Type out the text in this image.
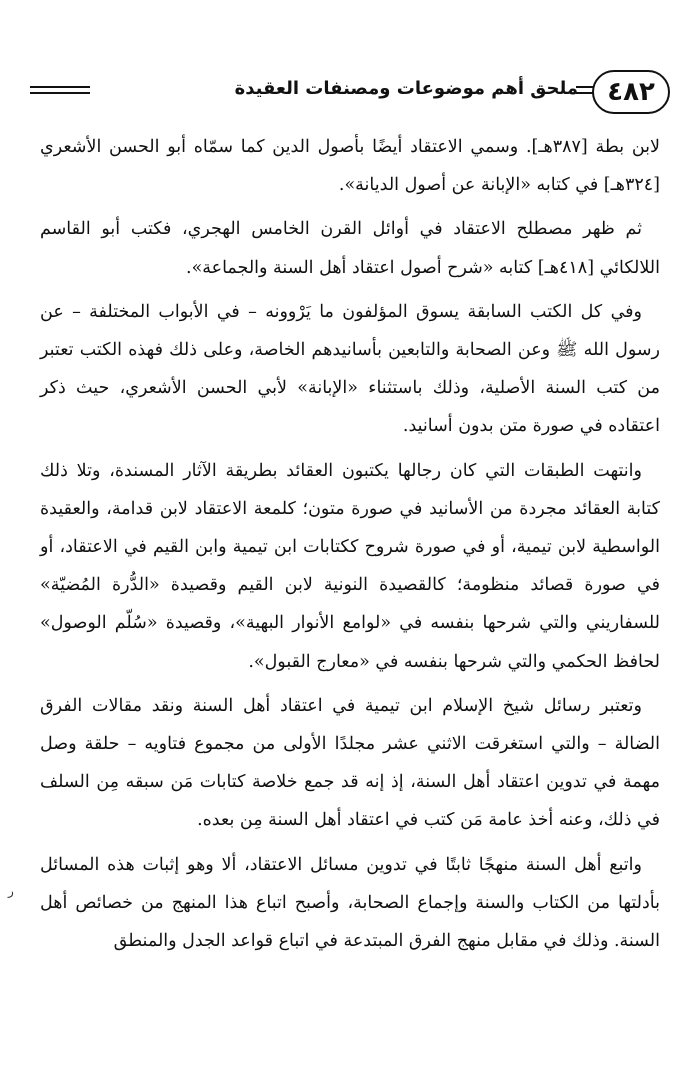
٤٨٢
ملحق أهم موضوعات ومصنفات العقيدة

لابن بطة [٣٨٧هـ]. وسمي الاعتقاد أيضًا بأصول الدين كما سمّاه أبو الحسن الأشعري [٣٢٤هـ] في كتابه «الإبانة عن أصول الديانة».

ثم ظهر مصطلح الاعتقاد في أوائل القرن الخامس الهجري، فكتب أبو القاسم اللالكائي [٤١٨هـ] كتابه «شرح أصول اعتقاد أهل السنة والجماعة».

وفي كل الكتب السابقة يسوق المؤلفون ما يَرْوونه – في الأبواب المختلفة – عن رسول الله ﷺ وعن الصحابة والتابعين بأسانيدهم الخاصة، وعلى ذلك فهذه الكتب تعتبر من كتب السنة الأصلية، وذلك باستثناء «الإبانة» لأبي الحسن الأشعري، حيث ذكر اعتقاده في صورة متن بدون أسانيد.

وانتهت الطبقات التي كان رجالها يكتبون العقائد بطريقة الآثار المسندة، وتلا ذلك كتابة العقائد مجردة من الأسانيد في صورة متون؛ كلمعة الاعتقاد لابن قدامة، والعقيدة الواسطية لابن تيمية، أو في صورة شروح ككتابات ابن تيمية وابن القيم في الاعتقاد، أو في صورة قصائد منظومة؛ كالقصيدة النونية لابن القيم وقصيدة «الدُّرة المُضيّة» للسفاريني والتي شرحها بنفسه في «لوامع الأنوار البهية»، وقصيدة «سُلّم الوصول» لحافظ الحكمي والتي شرحها بنفسه في «معارج القبول».

وتعتبر رسائل شيخ الإسلام ابن تيمية في اعتقاد أهل السنة ونقد مقالات الفرق الضالة – والتي استغرقت الاثني عشر مجلدًا الأولى من مجموع فتاويه – حلقة وصل مهمة في تدوين اعتقاد أهل السنة، إذ إنه قد جمع خلاصة كتابات مَن سبقه مِن السلف في ذلك، وعنه أخذ عامة مَن كتب في اعتقاد أهل السنة مِن بعده.

واتبع أهل السنة منهجًا ثابتًا في تدوين مسائل الاعتقاد، ألا وهو إثبات هذه المسائل بأدلتها من الكتاب والسنة وإجماع الصحابة، وأصبح اتباع هذا المنهج من خصائص أهل السنة. وذلك في مقابل منهج الفرق المبتدعة في اتباع قواعد الجدل والمنطق

ر
